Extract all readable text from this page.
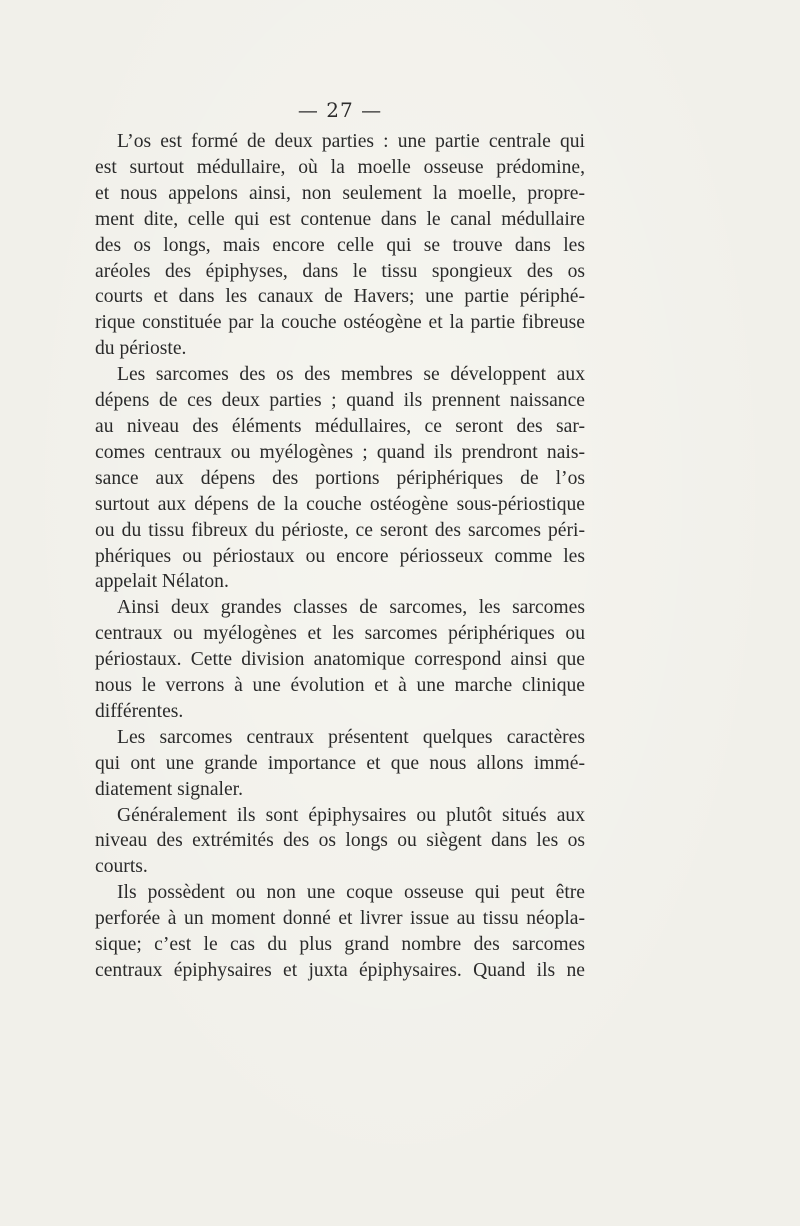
— 27 —

L’os est formé de deux parties : une partie centrale qui
est surtout médullaire, où la moelle osseuse prédomine,
et nous appelons ainsi, non seulement la moelle, propre-
ment dite, celle qui est contenue dans le canal médullaire
des os longs, mais encore celle qui se trouve dans les
aréoles des épiphyses, dans le tissu spongieux des os
courts et dans les canaux de Havers; une partie périphé-
rique constituée par la couche ostéogène et la partie fibreuse
du périoste.

Les sarcomes des os des membres se développent aux
dépens de ces deux parties ; quand ils prennent naissance
au niveau des éléments médullaires, ce seront des sar-
comes centraux ou myélogènes ; quand ils prendront nais-
sance aux dépens des portions périphériques de l’os
surtout aux dépens de la couche ostéogène sous-périostique
ou du tissu fibreux du périoste, ce seront des sarcomes péri-
phériques ou périostaux ou encore périosseux comme les
appelait Nélaton.

Ainsi deux grandes classes de sarcomes, les sarcomes
centraux ou myélogènes et les sarcomes périphériques ou
périostaux. Cette division anatomique correspond ainsi que
nous le verrons à une évolution et à une marche clinique
différentes.

Les sarcomes centraux présentent quelques caractères
qui ont une grande importance et que nous allons immé-
diatement signaler.

Généralement ils sont épiphysaires ou plutôt situés aux
niveau des extrémités des os longs ou siègent dans les os
courts.

Ils possèdent ou non une coque osseuse qui peut être
perforée à un moment donné et livrer issue au tissu néopla-
sique; c’est le cas du plus grand nombre des sarcomes
centraux épiphysaires et juxta épiphysaires. Quand ils ne
